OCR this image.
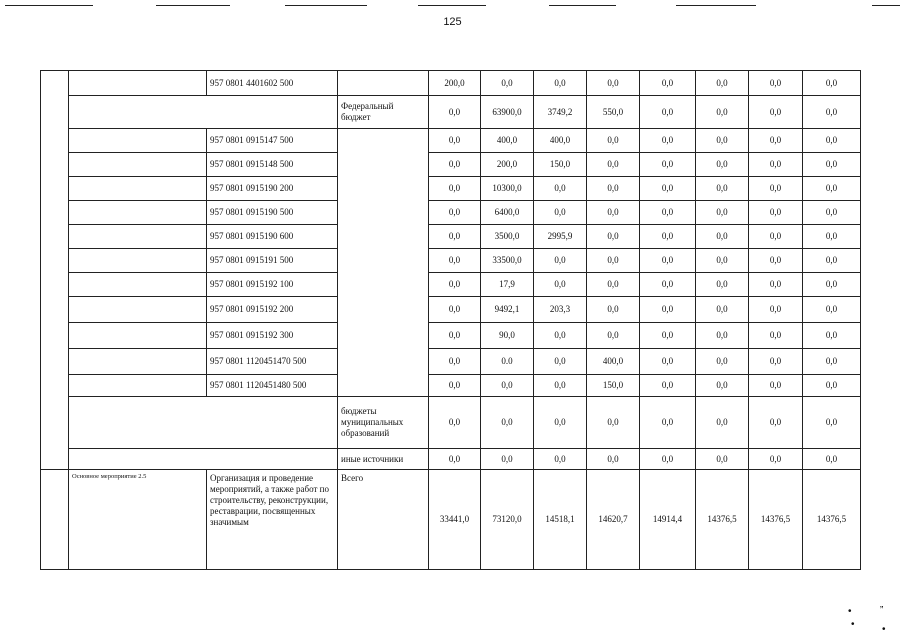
125
		957 0801 4401602 500		200,0	0,0	0,0	0,0	0,0	0,0	0,0	0,0
			Федеральный бюджет	0,0	63900,0	3749,2	550,0	0,0	0,0	0,0	0,0
		957 0801 0915147 500		0,0	400,0	400,0	0,0	0,0	0,0	0,0	0,0
		957 0801 0915148 500		0,0	200,0	150,0	0,0	0,0	0,0	0,0	0,0
		957 0801 0915190 200		0,0	10300,0	0,0	0,0	0,0	0,0	0,0	0,0
		957 0801 0915190 500		0,0	6400,0	0,0	0,0	0,0	0,0	0,0	0,0
		957 0801 0915190 600		0,0	3500,0	2995,9	0,0	0,0	0,0	0,0	0,0
		957 0801 0915191 500		0,0	33500,0	0,0	0,0	0,0	0,0	0,0	0,0
		957 0801 0915192 100		0,0	17,9	0,0	0,0	0,0	0,0	0,0	0,0
		957 0801 0915192 200		0,0	9492,1	203,3	0,0	0,0	0,0	0,0	0,0
		957 0801 0915192 300		0,0	90,0	0,0	0,0	0,0	0,0	0,0	0,0
		957 0801 1120451470 500		0,0	0.0	0,0	400,0	0,0	0,0	0,0	0,0
		957 0801 1120451480 500		0,0	0,0	0,0	150,0	0,0	0,0	0,0	0,0
			бюджеты муниципальных образований	0,0	0,0	0,0	0,0	0,0	0,0	0,0	0,0
			иные источники	0,0	0,0	0,0	0,0	0,0	0,0	0,0	0,0
	Основное мероприятие 2.5	Организация и проведение мероприятий, а также работ по строительству, реконструкции, реставрации, посвященных значимым	Всего	33441,0	73120,0	14518,1	14620,7	14914,4	14376,5	14376,5	14376,5
•	”
•	•
